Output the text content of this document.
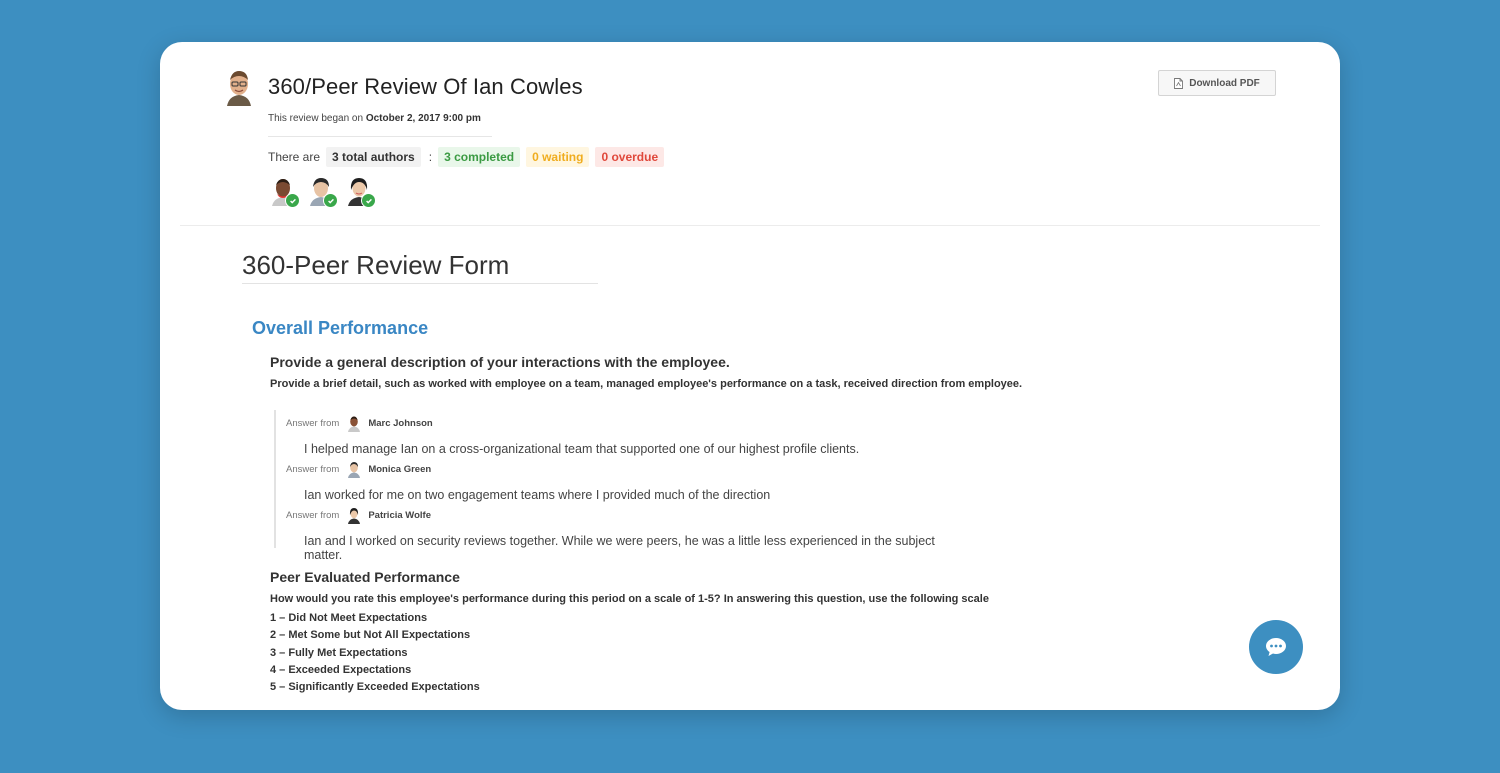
360/Peer Review Of Ian Cowles
This review began on October 2, 2017 9:00 pm
There are	3 total authors	:	3 completed	0 waiting	0 overdue
Download PDF
360-Peer Review Form
Overall Performance

Provide a general description of your interactions with the employee.

Provide a brief detail, such as worked with employee on a team, managed employee's performance on a task, received direction from employee.

Answer from	Marc Johnson
I helped manage Ian on a cross-organizational team that supported one of our highest profile clients.
Answer from	Monica Green
Ian worked for me on two engagement teams where I provided much of the direction
Answer from	Patricia Wolfe
Ian and I worked on security reviews together. While we were peers, he was a little less experienced in the subject matter.

Peer Evaluated Performance

How would you rate this employee's performance during this period on a scale of 1-5? In answering this question, use the following scale

1 – Did Not Meet Expectations
2 – Met Some but Not All Expectations
3 – Fully Met Expectations
4 – Exceeded Expectations
5 – Significantly Exceeded Expectations
